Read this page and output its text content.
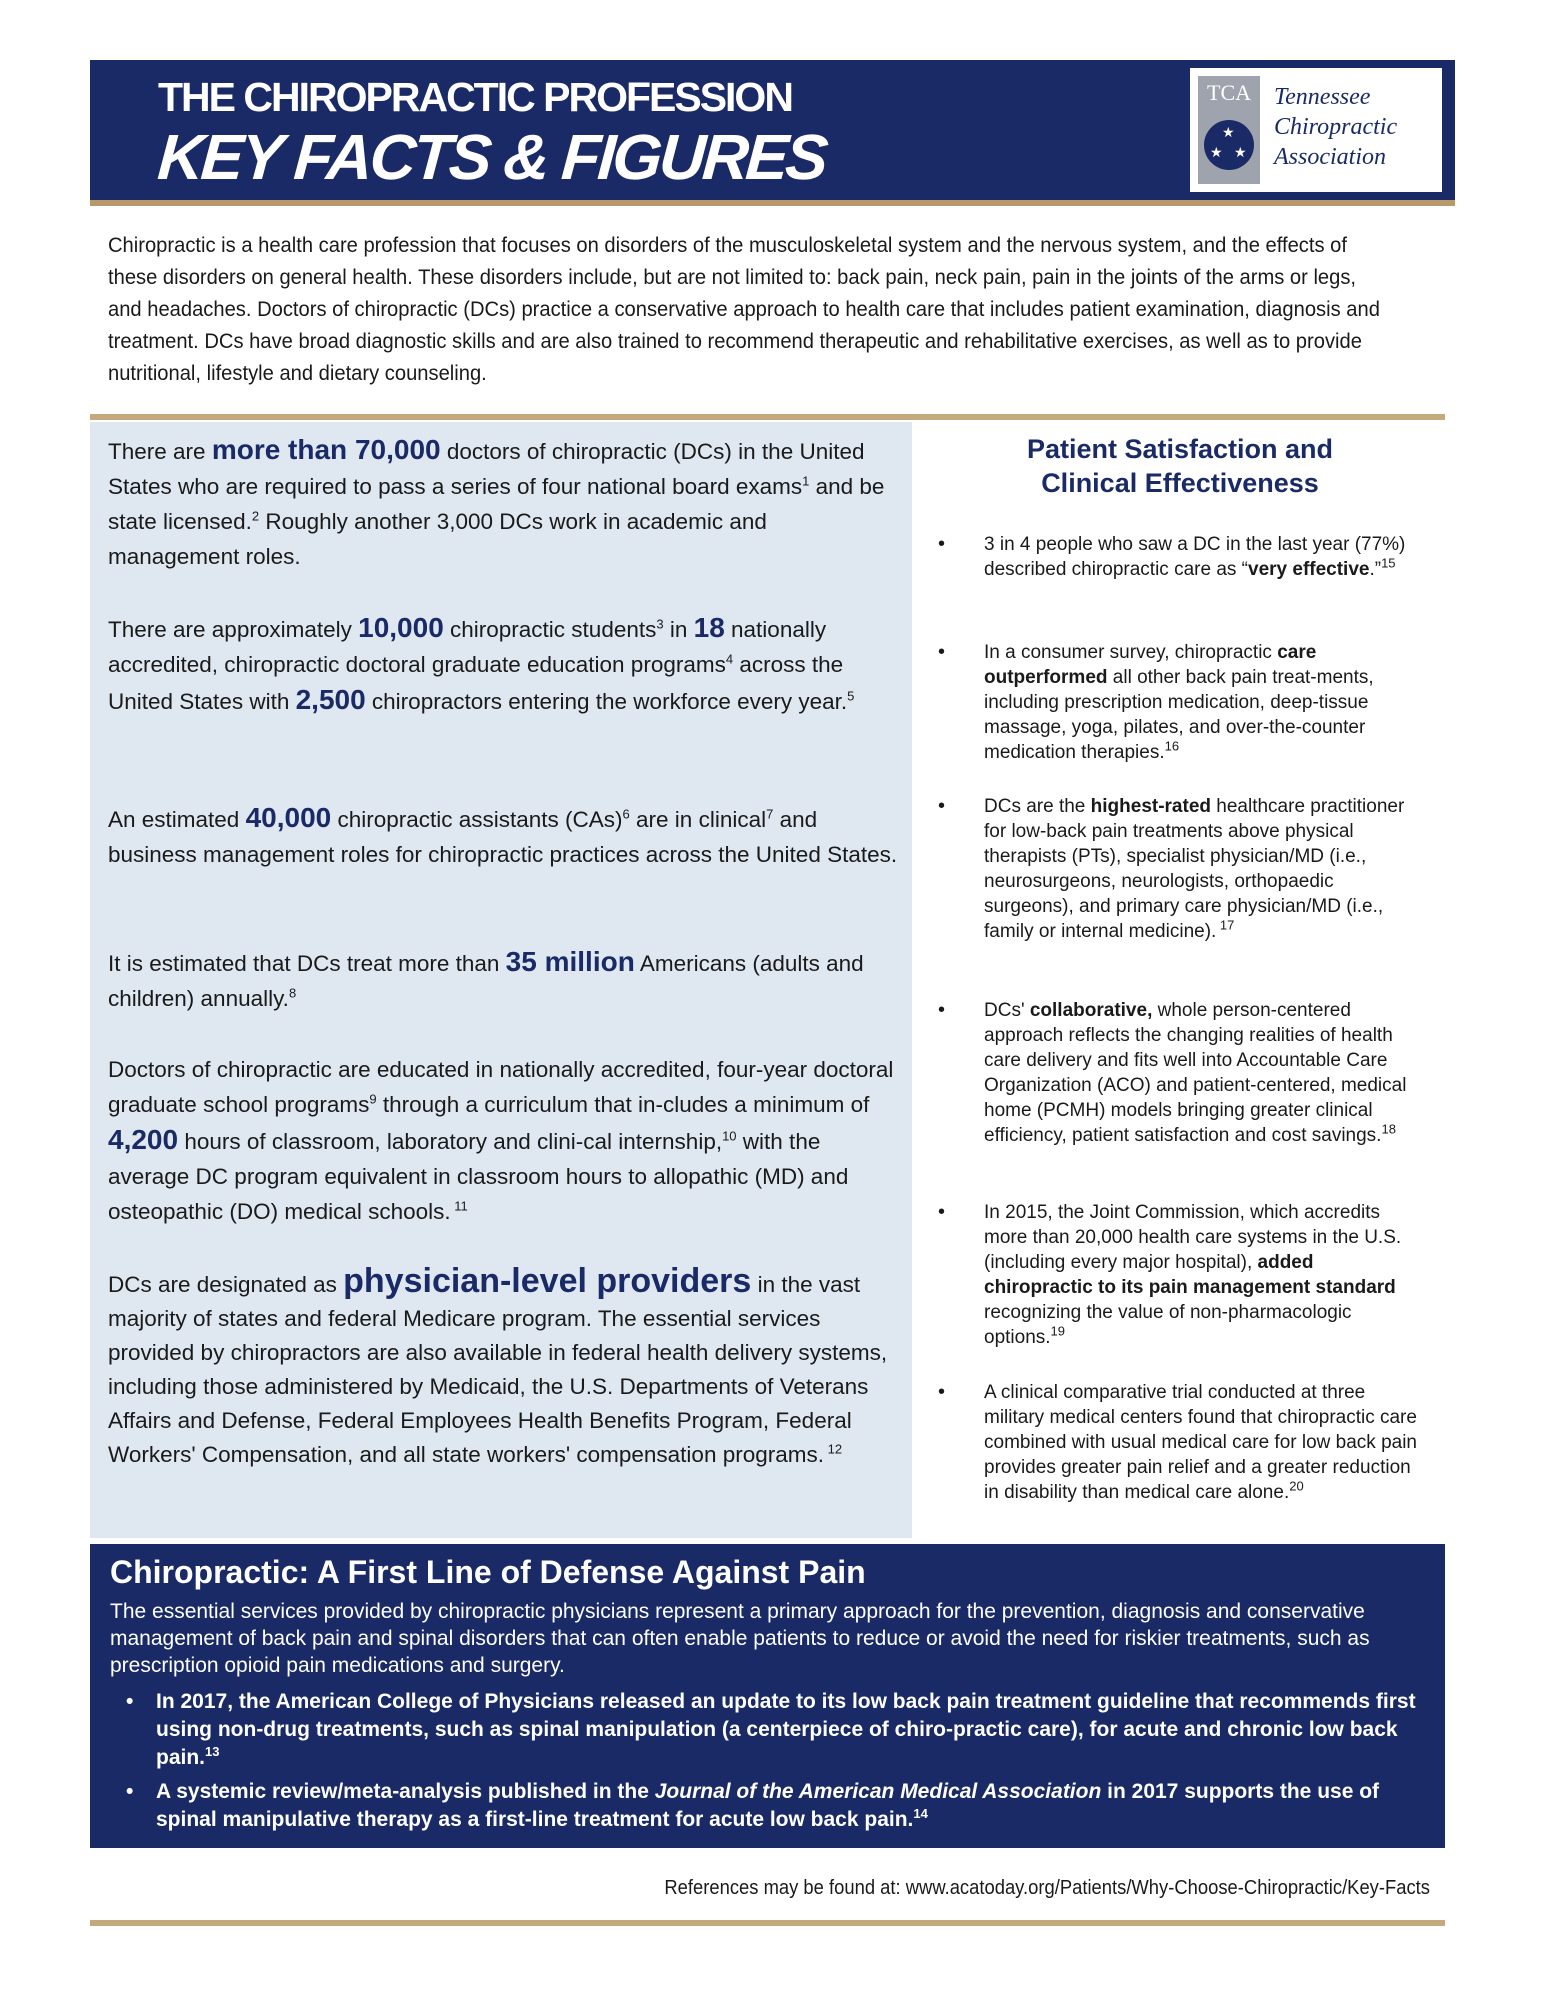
THE CHIROPRACTIC PROFESSION
KEY FACTS & FIGURES
TCA
★
★ ★
Tennessee
Chiropractic
Association
Chiropractic is a health care profession that focuses on disorders of the musculoskeletal system and the nervous system, and the effects of these disorders on general health. These disorders include, but are not limited to: back pain, neck pain, pain in the joints of the arms or legs, and headaches. Doctors of chiropractic (DCs) practice a conservative approach to health care that includes patient examination, diagnosis and treatment. DCs have broad diagnostic skills and are also trained to recommend therapeutic and rehabilitative exercises, as well as to provide nutritional, lifestyle and dietary counseling.

There are more than 70,000 doctors of chiropractic (DCs) in the United States who are required to pass a series of four national board exams$^1$ and be state licensed.$^2$ Roughly another 3,000 DCs work in academic and management roles.

There are approximately 10,000 chiropractic students$^3$ in 18 nationally accredited, chiropractic doctoral graduate education programs$^4$ across the United States with 2,500 chiropractors entering the workforce every year.$^5$

An estimated 40,000 chiropractic assistants (CAs)$^6$ are in clinical$^7$ and business management roles for chiropractic practices across the United States.

It is estimated that DCs treat more than 35 million Americans (adults and children) annually.$^8$

Doctors of chiropractic are educated in nationally accredited, four-year doctoral graduate school programs$^9$ through a curriculum that in-cludes a minimum of 4,200 hours of classroom, laboratory and clini-cal internship,$^{10}$ with the average DC program equivalent in classroom hours to allopathic (MD) and osteopathic (DO) medical schools. $^{11}$

DCs are designated as physician-level providers in the vast majority of states and federal Medicare program. The essential services provided by chiropractors are also available in federal health delivery systems, including those administered by Medicaid, the U.S. Departments of Veterans Affairs and Defense, Federal Employees Health Benefits Program, Federal Workers' Compensation, and all state workers' compensation programs. $^{12}$

Patient Satisfaction and
Clinical Effectiveness
• 3 in 4 people who saw a DC in the last year (77%) described chiropractic care as “very effective.”$^{15}$
• In a consumer survey, chiropractic care outperformed all other back pain treat-ments, including prescription medication, deep-tissue massage, yoga, pilates, and over-the-counter medication therapies.$^{16}$
• DCs are the highest-rated healthcare practitioner for low-back pain treatments above physical therapists (PTs), specialist physician/MD (i.e., neurosurgeons, neurologists, orthopaedic surgeons), and primary care physician/MD (i.e., family or internal medicine). $^{17}$
• DCs' collaborative, whole person-centered approach reflects the changing realities of health care delivery and fits well into Accountable Care Organization (ACO) and patient-centered, medical home (PCMH) models bringing greater clinical efficiency, patient satisfaction and cost savings.$^{18}$
• In 2015, the Joint Commission, which accredits more than 20,000 health care systems in the U.S. (including every major hospital), added chiropractic to its pain management standard recognizing the value of non-pharmacologic options.$^{19}$
• A clinical comparative trial conducted at three military medical centers found that chiropractic care combined with usual medical care for low back pain provides greater pain relief and a greater reduction in disability than medical care alone.$^{20}$
Chiropractic: A First Line of Defense Against Pain
The essential services provided by chiropractic physicians represent a primary approach for the prevention, diagnosis and conservative management of back pain and spinal disorders that can often enable patients to reduce or avoid the need for riskier treatments, such as prescription opioid pain medications and surgery.
• In 2017, the American College of Physicians released an update to its low back pain treatment guideline that recommends first using non-drug treatments, such as spinal manipulation (a centerpiece of chiro-practic care), for acute and chronic low back pain.$^{13}$
• A systemic review/meta-analysis published in the Journal of the American Medical Association in 2017 supports the use of spinal manipulative therapy as a first-line treatment for acute low back pain.$^{14}$
References may be found at: www.acatoday.org/Patients/Why-Choose-Chiropractic/Key-Facts
